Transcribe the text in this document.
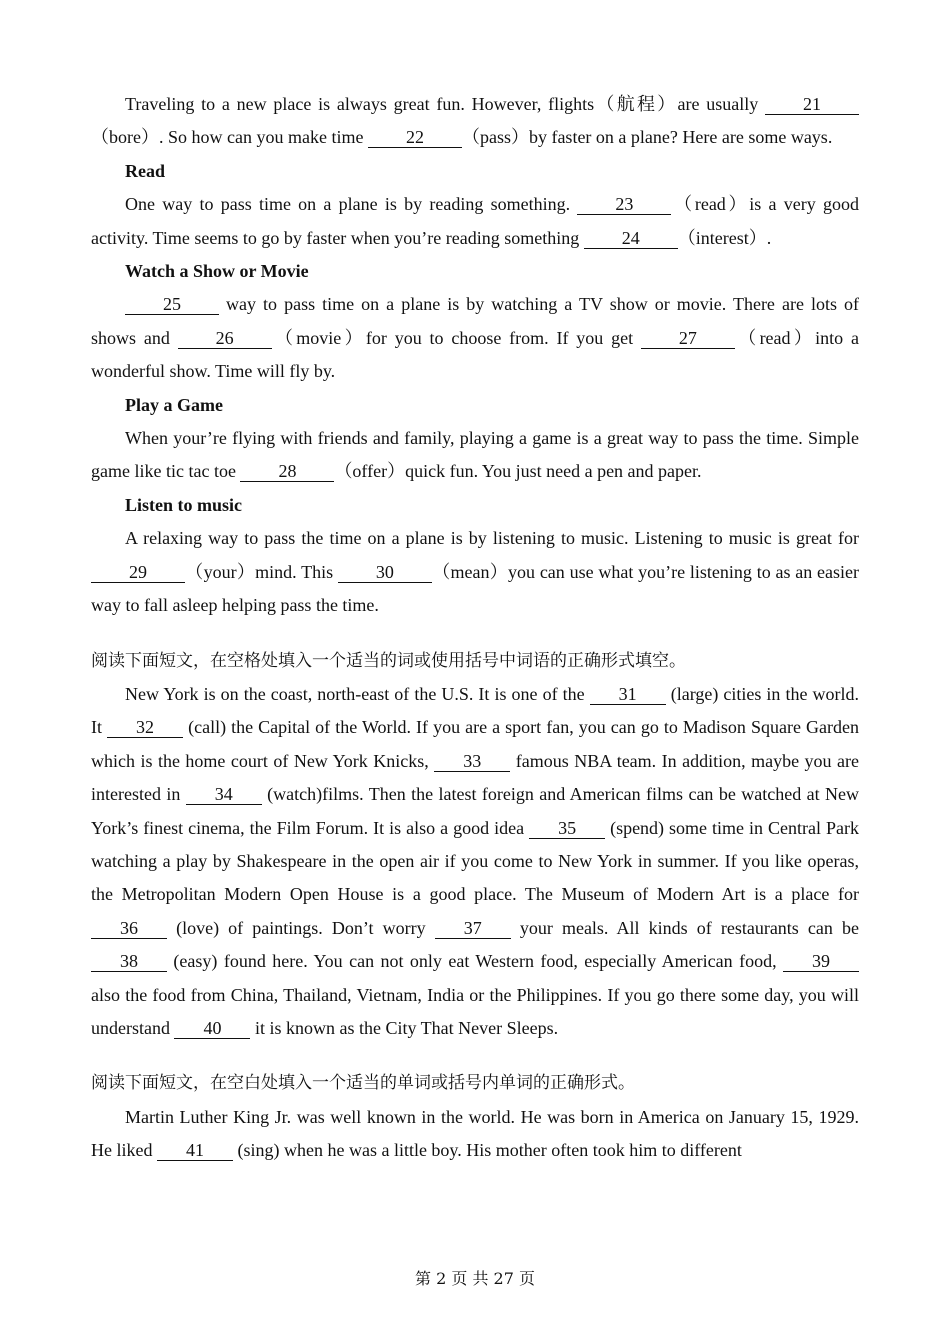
Traveling to a new place is always great fun. However, flights（航程）are usually 21（bore）. So how can you make time 22 （pass）by faster on a plane? Here are some ways.

Read

One way to pass time on a plane is by reading something. 23 （read）is a very good activity. Time seems to go by faster when you’re reading something 24 （interest）.

Watch a Show or Movie

25 way to pass time on a plane is by watching a TV show or movie. There are lots of shows and 26 （movie）for you to choose from. If you get 27 （read）into a wonderful show. Time will fly by.

Play a Game

When your’re flying with friends and family, playing a game is a great way to pass the time. Simple game like tic tac toe 28 （offer）quick fun. You just need a pen and paper.

Listen to music

A relaxing way to pass the time on a plane is by listening to music. Listening to music is great for 29 （your）mind. This 30 （mean）you can use what you’re listening to as an easier way to fall asleep helping pass the time.

阅读下面短文，在空格处填入一个适当的词或使用括号中词语的正确形式填空。

New York is on the coast, north-east of the U.S. It is one of the 31 (large) cities in the world. It 32 (call) the Capital of the World. If you are a sport fan, you can go to Madison Square Garden which is the home court of New York Knicks, 33 famous NBA team. In addition, maybe you are interested in 34 (watch)films. Then the latest foreign and American films can be watched at New York’s finest cinema, the Film Forum. It is also a good idea 35 (spend) some time in Central Park watching a play by Shakespeare in the open air if you come to New York in summer. If you like operas, the Metropolitan Modern Open House is a good place. The Museum of Modern Art is a place for 36 (love) of paintings. Don’t worry 37 your meals. All kinds of restaurants can be 38 (easy) found here. You can not only eat Western food, especially American food, 39 also the food from China, Thailand, Vietnam, India or the Philippines. If you go there some day, you will understand 40 it is known as the City That Never Sleeps.

阅读下面短文，在空白处填入一个适当的单词或括号内单词的正确形式。

Martin Luther King Jr. was well known in the world. He was born in America on January 15, 1929. He liked 41 (sing) when he was a little boy. His mother often took him to different

第 2 页 共 27 页
